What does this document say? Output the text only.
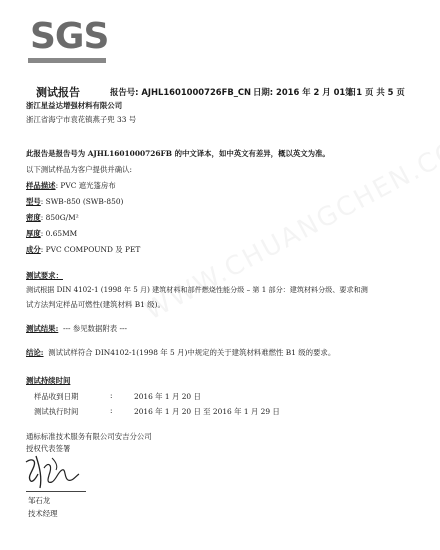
SGS
测试报告	报告号: AJHL1601000726FB_CN 日期: 2016 年 2 月 01 日
第 1 页 共 5 页
浙江星益达增强材料有限公司
浙江省海宁市袁花镇燕子兜 33 号
此报告是报告号为 AJHL1601000726FB 的中文译本，如中英文有差异，概以英文为准。
以下测试样品为客户提供并确认:
样品描述: PVC 遮光篷房布
型号: SWB-850 (SWB-850)
密度: 850G/M²
厚度: 0.65MM
成分: PVC COMPOUND 及 PET
测试要求：
测试根据 DIN 4102-1 (1998 年 5 月) 建筑材料和部件燃烧性能分级 – 第 1 部分：建筑材料分级、要求和测
试方法判定样品可燃性(建筑材料 B1 级)。
测试结果: --- 参见数据附表 ---
结论: 测试试样符合 DIN4102-1(1998 年 5 月)中规定的关于建筑材料难燃性 B1 级的要求。
测试持续时间
样品收到日期	:	2016 年 1 月 20 日
测试执行时间	:	2016 年 1 月 20 日 至 2016 年 1 月 29 日
通标标准技术服务有限公司安吉分公司
授权代表签署
邹石龙
技术经理
